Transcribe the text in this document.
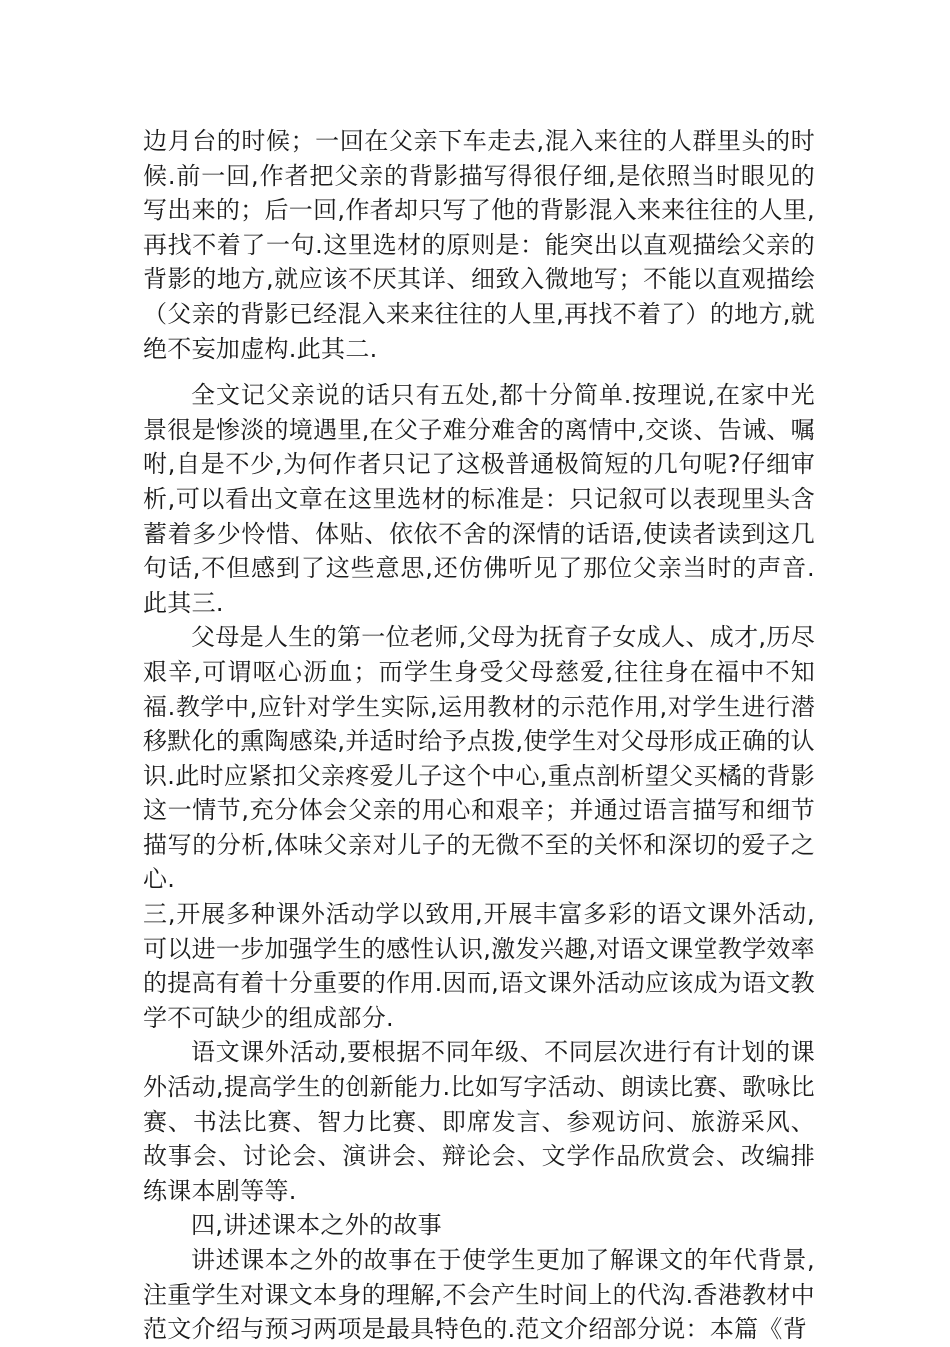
边月台的时候；一回在父亲下车走去,混入来往的人群里头的时候.前一回,作者把父亲的背影描写得很仔细,是依照当时眼见的写出来的；后一回,作者却只写了他的背影混入来来往往的人里,再找不着了一句.这里选材的原则是：能突出以直观描绘父亲的背影的地方,就应该不厌其详、细致入微地写；不能以直观描绘（父亲的背影已经混入来来往往的人里,再找不着了）的地方,就绝不妄加虚构.此其二.

全文记父亲说的话只有五处,都十分简单.按理说,在家中光景很是惨淡的境遇里,在父子难分难舍的离情中,交谈、告诫、嘱咐,自是不少,为何作者只记了这极普通极简短的几句呢?仔细审析,可以看出文章在这里选材的标准是：只记叙可以表现里头含蓄着多少怜惜、体贴、依依不舍的深情的话语,使读者读到这几句话,不但感到了这些意思,还仿佛听见了那位父亲当时的声音.此其三.

父母是人生的第一位老师,父母为抚育子女成人、成才,历尽艰辛,可谓呕心沥血；而学生身受父母慈爱,往往身在福中不知福.教学中,应针对学生实际,运用教材的示范作用,对学生进行潜移默化的熏陶感染,并适时给予点拨,使学生对父母形成正确的认识.此时应紧扣父亲疼爱儿子这个中心,重点剖析望父买橘的背影这一情节,充分体会父亲的用心和艰辛；并通过语言描写和细节描写的分析,体味父亲对儿子的无微不至的关怀和深切的爱子之心.

三,开展多种课外活动学以致用,开展丰富多彩的语文课外活动,可以进一步加强学生的感性认识,激发兴趣,对语文课堂教学效率的提高有着十分重要的作用.因而,语文课外活动应该成为语文教学不可缺少的组成部分.

语文课外活动,要根据不同年级、不同层次进行有计划的课外活动,提高学生的创新能力.比如写字活动、朗读比赛、歌咏比赛、书法比赛、智力比赛、即席发言、参观访问、旅游采风、故事会、讨论会、演讲会、辩论会、文学作品欣赏会、改编排练课本剧等等.

四,讲述课本之外的故事

讲述课本之外的故事在于使学生更加了解课文的年代背景,注重学生对课文本身的理解,不会产生时间上的代沟.香港教材中范文介绍与预习两项是最具特色的.范文介绍部分说：本篇《背
